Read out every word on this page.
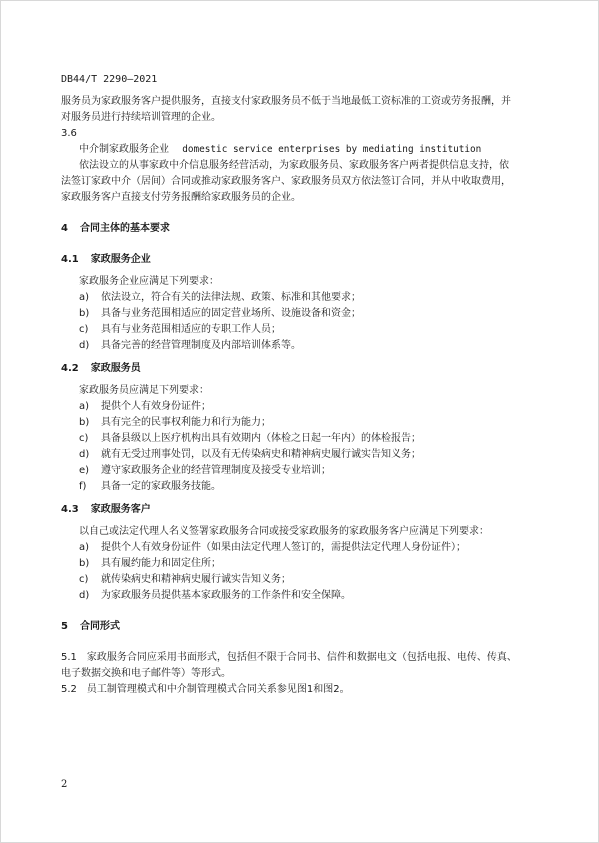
DB44/T 2290—2021
服务员为家政服务客户提供服务，直接支付家政服务员不低于当地最低工资标准的工资或劳务报酬，并
对服务员进行持续培训管理的企业。
3.6
中介制家政服务企业 domestic service enterprises by mediating institution
依法设立的从事家政中介信息服务经营活动，为家政服务员、家政服务客户两者提供信息支持，依
法签订家政中介（居间）合同或推动家政服务客户、家政服务员双方依法签订合同，并从中收取费用，
家政服务客户直接支付劳务报酬给家政服务员的企业。
4 合同主体的基本要求
4.1 家政服务企业
家政服务企业应满足下列要求：
a) 依法设立，符合有关的法律法规、政策、标准和其他要求；
b) 具备与业务范围相适应的固定营业场所、设施设备和资金；
c) 具有与业务范围相适应的专职工作人员；
d) 具备完善的经营管理制度及内部培训体系等。
4.2 家政服务员
家政服务员应满足下列要求：
a) 提供个人有效身份证件；
b) 具有完全的民事权利能力和行为能力；
c) 具备县级以上医疗机构出具有效期内（体检之日起一年内）的体检报告；
d) 就有无受过刑事处罚，以及有无传染病史和精神病史履行诚实告知义务；
e) 遵守家政服务企业的经营管理制度及接受专业培训；
f) 具备一定的家政服务技能。
4.3 家政服务客户
以自己或法定代理人名义签署家政服务合同或接受家政服务的家政服务客户应满足下列要求：
a) 提供个人有效身份证件（如果由法定代理人签订的，需提供法定代理人身份证件）；
b) 具有履约能力和固定住所；
c) 就传染病史和精神病史履行诚实告知义务；
d) 为家政服务员提供基本家政服务的工作条件和安全保障。
5 合同形式
5.1 家政服务合同应采用书面形式，包括但不限于合同书、信件和数据电文（包括电报、电传、传真、
电子数据交换和电子邮件等）等形式。
5.2 员工制管理模式和中介制管理模式合同关系参见图1和图2。
2
